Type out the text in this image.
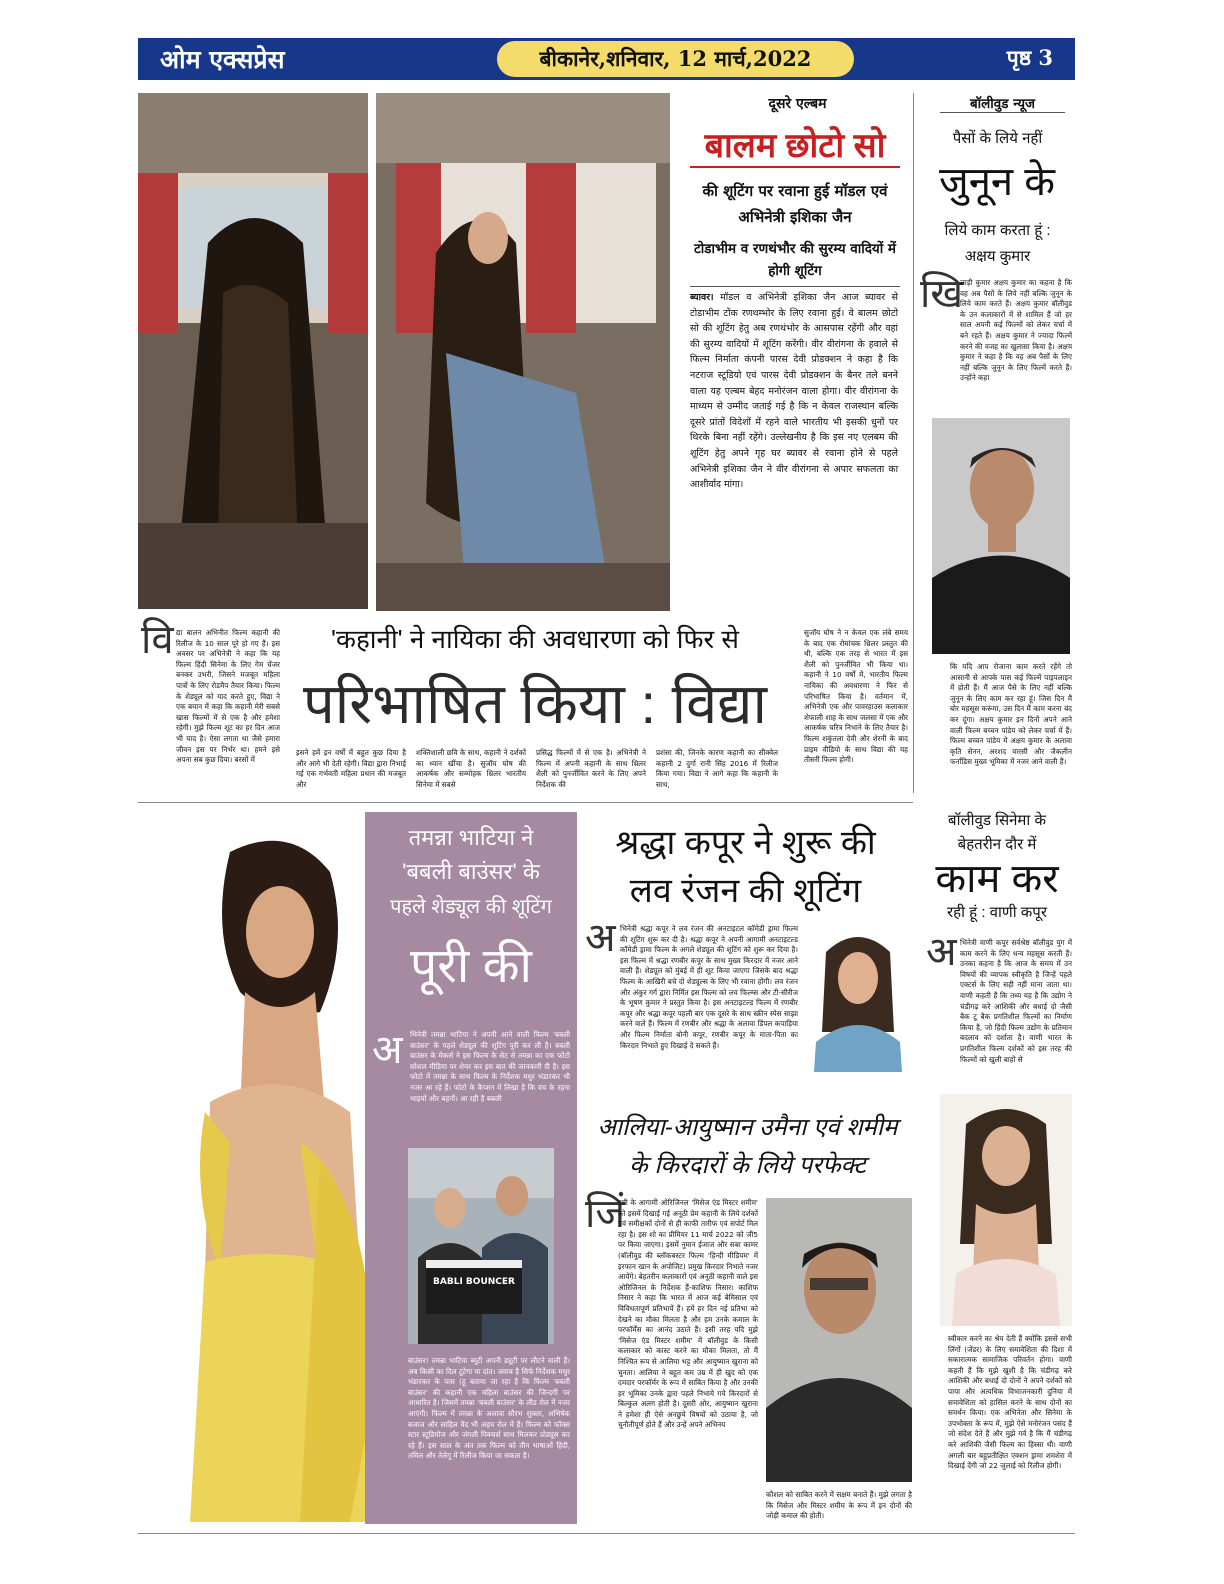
ओम एक्सप्रेस	बीकानेर,शनिवार, 12 मार्च,2022	पृष्ठ 3
दूसरे एल्बम
बालम छोटो सो
की शूटिंग पर रवाना हुई मॉडल एवं अभिनेत्री इशिका जैन
टोडाभीम व रणथंभौर की सुरम्य वादियों में होगी शूटिंग

ब्यावर। मॉडल व अभिनेत्री इशिका जैन आज ब्यावर से टोडाभीम टोंक रणथम्भोर के लिए रवाना हुई। वे बालम छोटो सो की शूटिंग हेतु अब रणथंभोर के आसपास रहेंगी और वहां की सुरम्य वादियों में शूटिंग करेंगी। वीर वीरांगना के हवाले से फिल्म निर्माता कंपनी पारस देवी प्रोडक्शन ने कहा है कि नटराज स्टूडियो एवं पारस देवी प्रोडक्शन के बैनर तले बनने वाला यह एल्बम बेहद मनोरंजन वाला होगा। वीर वीरांगना के माध्यम से उम्मीद जताई गई है कि न केवल राजस्थान बल्कि दूसरे प्रांतों विदेशों में रहने वाले भारतीय भी इसकी धुनों पर थिरके बिना नहीं रहेंगे। उल्लेखनीय है कि इस नए एलबम की शूटिंग हेतु अपने गृह घर ब्यावर से रवाना होने से पहले अभिनेत्री इशिका जैन ने वीर वीरांगना से अपार सफलता का आशीर्वाद मांगा।

बॉलीवुड न्यूज
पैसों के लिये नहीं
जुनून के
लिये काम करता हूं :
अक्षय कुमार
खि

लाड़ी कुमार अक्षय कुमार का कहना है कि वह अब पैसों के लिये नहीं बल्कि जुनून के लिये काम करते हैं। अक्षय कुमार बॉलीवुड के उन कलाकारों में से शामिल हैं जो हर साल अपनी कई फिल्मों को लेकर चर्चा में बने रहते हैं। अक्षय कुमार ने ज्यादा फिल्में करने की वजह का खुलासा किया है। अक्षय कुमार ने कहा है कि वह अब पैसों के लिए नहीं बल्कि जुनून के लिए फिल्में करते हैं। उन्होंने कहा

कि यदि आप रोजाना काम करते रहेंगे तो आसानी से आपके पास कई फिल्में पाइपलाइन में होती हैं। मैं आज पैसे के लिए नहीं बल्कि जुनून के लिए काम कर रहा हूं। जिस दिन मैं बोर महसूस करूंगा, उस दिन मैं काम करना बंद कर दूंगा। अक्षय कुमार इन दिनों अपने आने वाली फिल्म बच्चन पांडेय को लेकर चर्चा में हैं। फिल्म बच्चन पांडेय में अक्षय कुमार के अलावा कृति सेनन, अरशद वारसी और जैकलीन फर्नांडिस मुख्य भूमिका में नजर आने वाली हैं।

वि द्या बालन अभिनीत फिल्म कहानी की रिलीज के 10 साल पूरे हो गए हैं। इस अवसर पर अभिनेत्री ने कहा कि यह फिल्म हिंदी सिनेमा के लिए गेम चेंजर बनकर उभरी, जिसने मजबूत महिला पात्रों के लिए रोडमैप तैयार किया। फिल्म के शेड्यूल को याद करते हुए, विद्या ने एक बयान में कहा कि कहानी मेरी सबसे खास फिल्मों में से एक है और हमेशा रहेगी। मुझे फिल्म शूट का हर दिन आज भी याद है। ऐसा लगता था जैसे हमारा जीवन इस पर निर्भर था। हमने इसे अपना सब कुछ दिया। बरसों में

'कहानी' ने नायिका की अवधारणा को फिर से
परिभाषित किया : विद्या

इसने हमें इन वर्षों में बहुत कुछ दिया है और आगे भी देती रहेगी। विद्या द्वारा निभाई गई एक गर्भवती महिला प्रधान की मजबूत और

शक्तिशाली छवि के साथ, कहानी ने दर्शकों का ध्यान खींचा है। सुजॉय घोष की आकर्षक और सम्मोहक थ्रिलर भारतीय सिनेमा में सबसे

प्रसिद्ध फिल्मों में से एक है। अभिनेत्री ने फिल्म में अपनी कहानी के साथ थ्रिलर शैली को पुनर्जीवित करने के लिए अपने निर्देशक की

प्रशंसा की, जिनके कारण कहानी का सीक्वेल कहानी 2 दुर्गा रानी सिंह 2016 में रिलीज किया गया। विद्या ने आगे कहा कि कहानी के साथ,

सुजॉय घोष ने न केवल एक लंबे समय के बाद एक रोमांचक थ्रिलर प्रस्तुत की थी, बल्कि एक तरह से भारत में इस शैली को पुनर्जीवित भी किया था। कहानी ने 10 वर्षों में, भारतीय फिल्म नायिका की अवधारणा ने फिर से परिभाषित किया है। वर्तमान में, अभिनेत्री एक और पावरहाउस कलाकार शेफाली शाह के साथ जलसा में एक और आकर्षक चरित्र निभाने के लिए तैयार है। फिल्म शकुंतला देवी और शेरनी के बाद प्राइम वीडियो के साथ विद्या की यह तीसरी फिल्म होगी।

तमन्ना भाटिया ने
'बबली बाउंसर' के
पहले शेड्यूल की शूटिंग
पूरी की
अ भिनेत्री तमन्ना भाटिया ने अपनी आने वाली फिल्म 'बबली बाउंसर' के पहले शेड्यूल की शूटिंग पूरी कर ली है। बबली बाउंसर के मेकर्स ने इस फिल्म के सेट से तमन्ना का एक फोटो सोशल मीडिया पर शेयर कर इस बात की जानकारी दी है। इस फोटो में तमन्ना के साथ फिल्म के निर्देशक मधुर भंडारकर भी नजर आ रहे हैं। फोटो के कैप्शन में लिखा है कि वच के रहना भाइयों और बहनों। आ रही है बबली

BABLI BOUNCER

बाउंसर! तमन्ना भाटिया ब्यूटी अपनी ड्यूटी पर लौटने वाली हैं। अब किसी का दिल टूटेगा या दांत। जवाब है सिर्फ निर्देशक मधुर भंडारकर के पास (हू बताया जा रहा है कि फिल्म 'बबली बाउंसर' की कहानी एक महिला बाउंसर की जिन्दगी पर आधारित है। जिसमें तमन्ना 'बबली बाउंसर' के लीड रोल में नजर आएंगी। फिल्म में तमन्ना के अलावा सौरभ शुक्ला, अभिषेक बजाज और साहिल वैद भी अहम रोल में हैं। फिल्म को फॉक्स स्टार स्टूडियोज और जंगली पिक्चर्स साथ मिलकर प्रोड्यूस कर रहे हैं। इस साल के अंत तक फिल्म को तीन भाषाओं हिंदी, तमिल और तेलेगू में रिलीज किया जा सकता है।

श्रद्धा कपूर ने शुरू की
लव रंजन की शूटिंग
अ भिनेत्री श्रद्धा कपूर ने लव रंजन की अनटाइटल कॉमेडी ड्रामा फिल्म की शूटिंग शुरू कर दी है। श्रद्धा कपूर ने अपनी आगामी अनटाइटल्ड कॉमेडी ड्रामा फिल्म के अगले शेड्यूल की शूटिंग को शुरू कर दिया है। इस फिल्म में श्रद्धा रणबीर कपूर के साथ मुख्य किरदार में नजर आने वाली हैं। शेड्यूल को मुंबई में ही शूट किया जाएगा जिसके बाद श्रद्धा फिल्म के आखिरी बचे दो शेड्यूल्स के लिए भी रवाना होंगी। लव रंजन और अंकुर गर्ग द्वारा निर्मित इस फिल्म को लव फिल्म्स और टी-सीरीज के भूषण कुमार ने प्रस्तुत किया है। इस अनटाइटल्ड फिल्म में रणबीर कपूर और श्रद्धा कपूर पहली बार एक दूसरे के साथ स्क्रीन स्पेस साझा करने वाले हैं। फिल्म में रणबीर और श्रद्धा के अलावा डिंपल कपाड़िया और फिल्म निर्माता बोनी कपूर, रणबीर कपूर के माता-पिता का किरदार निभाते हुए दिखाई दे सकते हैं।

आलिया-आयुष्मान उमैना एवं शमीम
के किरदारों के लिये परफेक्ट
जिं

दगी के आगामी ओरिजिनल 'मिसेज एंड मिस्टर शमीम' को इसमें दिखाई गई अनूठी प्रेम कहानी के लिये दर्शकों एवं समीक्षकों दोनों से ही काफी तारीफ एवं सपोर्ट मिल रहा है। इस शो का प्रीमियर 11 मार्च 2022 को जी5 पर किया जाएगा। इसमें नुमान ईजाज और सबा कामर (बॉलीवुड की ब्लॉकबस्टर फिल्म 'हिन्दी मीडियम' में इरफान खान के अपोजिट) प्रमुख किरदार निभाते नजर आयेंगे। बेहतरीन कलाकारों एवं अनूठी कहानी वाले इस ओरिजिनल के निर्देशक हैं-काशिफ निसार। काशिफ निसार ने कहा कि भारत में आज कई बेमिसाल एवं विविधतापूर्ण प्रतिभायें हैं। हमें हर दिन नई प्रतिभा को देखने का मौका मिलता है और हम उनके कमाल के परफॉर्मेंस का आनंद उठाते हैं। इसी तरह यदि मुझे 'मिसेज एंड मिस्टर शमीम' में बॉलीवुड के किसी कलाकार को कास्ट करने का मौका मिलता, तो मैं निश्चित रूप से आलिया भट्ट और आयुष्मान खुराना को चुनता। आलिया ने बहुत कम उम्र में ही खुद को एक दमदार परफॉर्मर के रूप में साबित किया है और उनकी हर भूमिका उनके द्वारा पहले निभाये गये किरदारों से बिल्कुल अलग होती है। दूसरी ओर, आयुष्मान खुराना ने हमेशा ही ऐसे अनछुये विषयों को उठाया है, जो चुनौतीपूर्ण होते हैं और उन्हें अपने अभिनय

कौशल को साबित करने में सक्षम बनाते हैं। मुझे लगता है कि मिसेज और मिस्टर शमीम के रूप में इन दोनों की जोड़ी कमाल की होती।

बॉलीवुड सिनेमा के
बेहतरीन दौर में
काम कर
रही हूं : वाणी कपूर
अ भिनेत्री वाणी कपूर सर्वश्रेष्ठ बॉलीवुड युग में काम करने के लिए धन्य महसूस करती हैं। उनका कहना है कि आज के समय में उन विषयों की व्यापक स्वीकृति है जिन्हें पहले एक्टर्स के लिए सही नहीं माना जाता था। वाणी कहती हैं कि तथ्य यह है कि उद्योग ने चंडीगढ़ करे आशिकी और बधाई दो जैसी बैक टू बैक प्रगतिशील फिल्मों का निर्माण किया है, जो हिंदी फिल्म उद्योग के प्रतिमान बदलाव को दर्शाता है। वाणी भारत के प्रगतिशील फिल्म दर्शकों को इस तरह की फिल्मों को खुली बाहों से

स्वीकार करने का श्रेय देती हैं क्योंकि इससे सभी लिंगों (जेंडर) के लिए समावेशिता की दिशा में सकारात्मक सामाजिक परिवर्तन होगा। वाणी कहती हैं कि मुझे खुशी है कि चंडीगढ़ करे आशिकी और बधाई दो दोनों ने अपने दर्शकों को पाया और अत्यधिक विभाजनकारी दुनिया में समावेशिता को हासिल करने के साथ दोनों का समर्थन किया। एक अभिनेता और सिनेमा के उपभोक्ता के रूप में, मुझे ऐसे मनोरंजन पसंद हैं जो संदेश देते हैं और मुझे गर्व है कि मैं चंडीगढ़ करे आशिकी जैसी फिल्म का हिस्सा थी। वाणी अगली बार बहुप्रतीक्षित एक्शन ड्रामा शमशेरा में दिखाई देंगी जो 22 जुलाई को रिलीज होगी।
